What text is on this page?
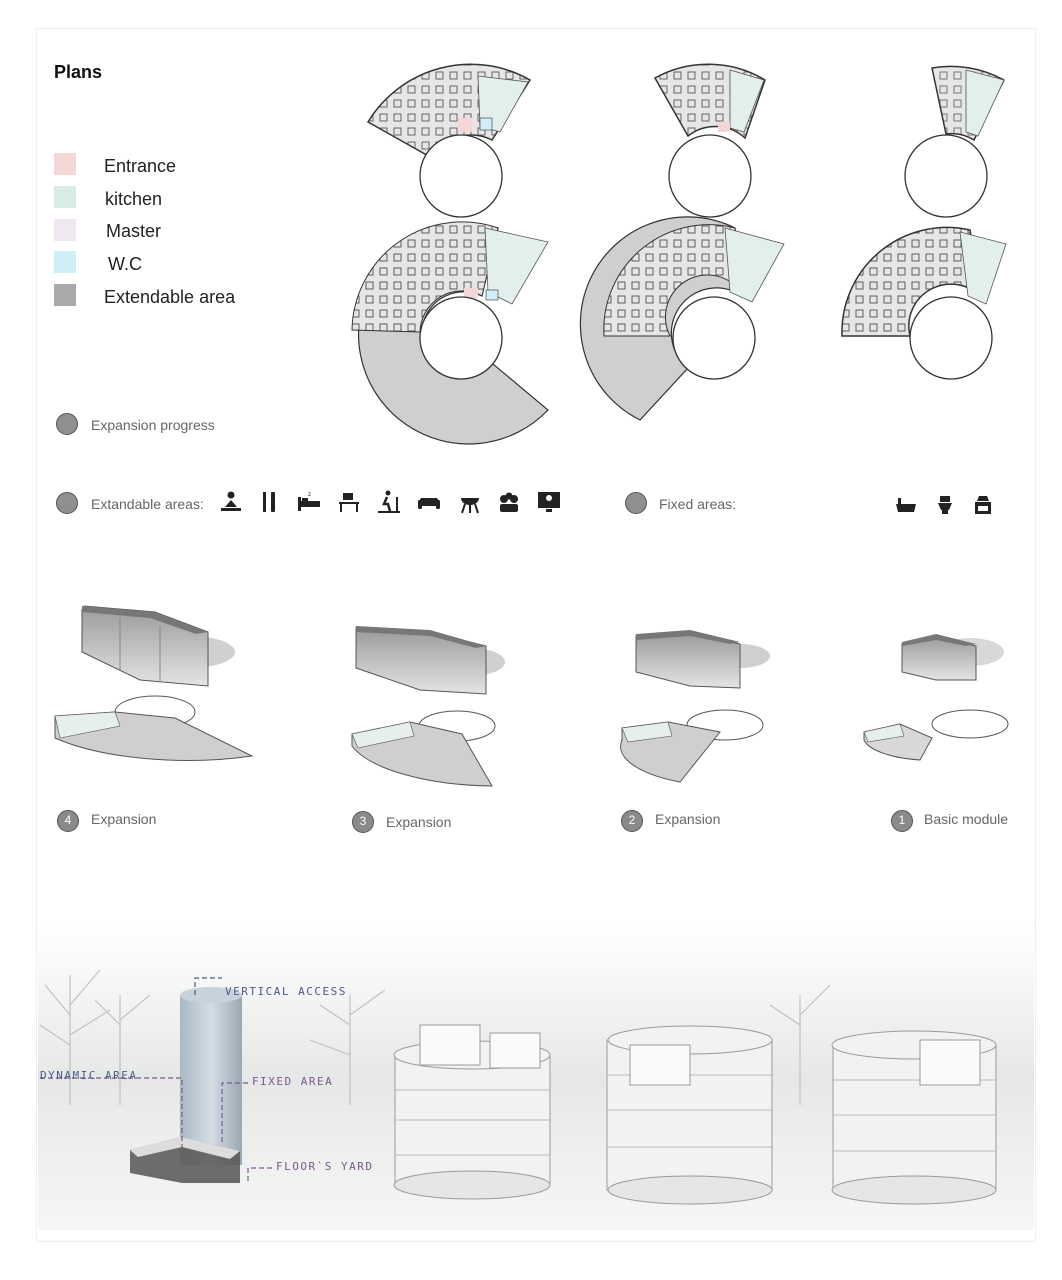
Plans
Entrance
kitchen
Master
W.C
Extendable area
Expansion progress
Extandable areas:
z
Fixed areas:
4	Expansion	3	Expansion	2	Expansion	1	Basic module
VERTICAL ACCESS
DYNAMIC AREA	FIXED AREA
FLOOR`S YARD
